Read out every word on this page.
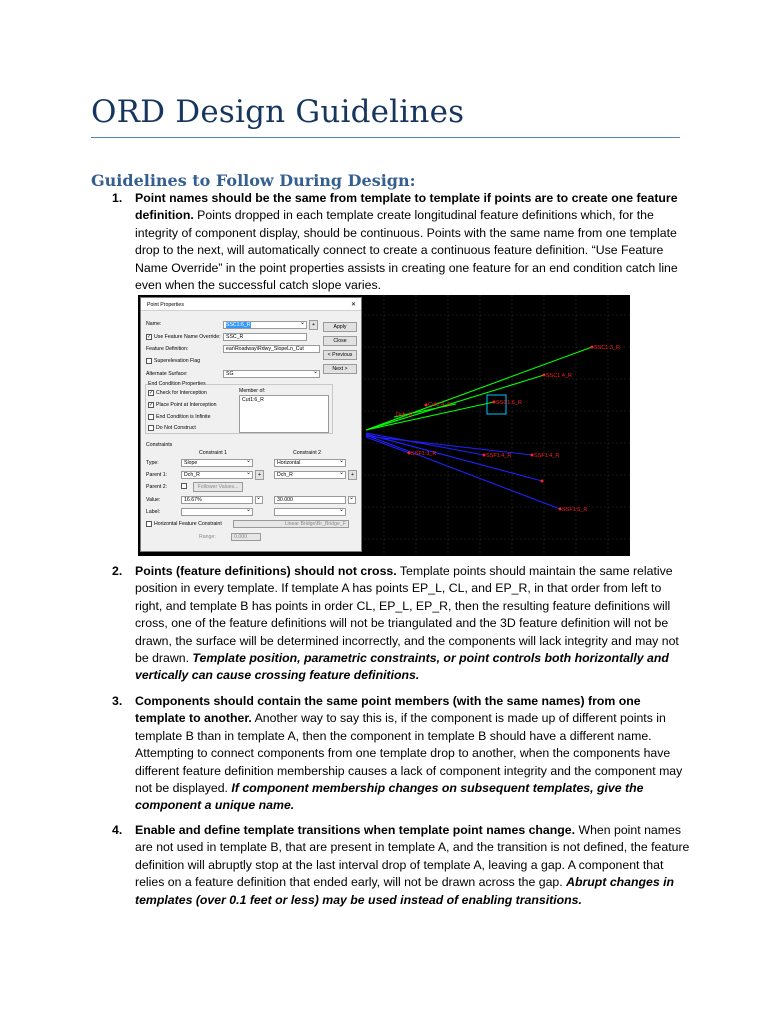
ORD Design Guidelines
Guidelines to Follow During Design:
1. Point names should be the same from template to template if points are to create one feature definition. Points dropped in each template create longitudinal feature definitions which, for the integrity of component display, should be continuous. Points with the same name from one template drop to the next, will automatically connect to create a continuous feature definition. “Use Feature Name Override” in the point properties assists in creating one feature for an end condition catch line even when the successful catch slope varies.
Point Properties	✕
Name:	SSC1:6_R ⌄	+
✓ Use Feature Name Override:	SSC_R
Feature Definition:	ear\Roadway\Rdwy_SlopeLn_Cut
Superelevation Flag
Alternate Surface:	SG ⌄
End Condition Properties
✓ Check for Interception
✓ Place Point at Interception
End Condition is Infinite
Do Not Construct
Member of:
Cut1:6_R
Apply
Close
< Previous
Next >
Constraints
Constraint 1	Constraint 2
Type:	Slope ⌄	Horizontal ⌄
Parent 1:	Dch_R ⌄	+	Dch_R ⌄	+
Parent 2:	Follower Values...
Value:	16.67%
⌄	30.000
⌄
Label:
⌄
⌄
Horizontal Feature Constraint	Linear Bridge\Br_Bridge_F
Range:	0.000
SSC1:3_R
SSC1:4_R
SSC1:6_R
Cut1:4_R
Dch_R
SSF1:3_R	SSF1:4_R	SSF1:4_R
SSF1:6_R
2. Points (feature definitions) should not cross. Template points should maintain the same relative position in every template. If template A has points EP_L, CL, and EP_R, in that order from left to right, and template B has points in order CL, EP_L, EP_R, then the resulting feature definitions will cross, one of the feature definitions will not be triangulated and the 3D feature definition will not be drawn, the surface will be determined incorrectly, and the components will lack integrity and may not be drawn. Template position, parametric constraints, or point controls both horizontally and vertically can cause crossing feature definitions.
3. Components should contain the same point members (with the same names) from one template to another. Another way to say this is, if the component is made up of different points in template B than in template A, then the component in template B should have a different name. Attempting to connect components from one template drop to another, when the components have different feature definition membership causes a lack of component integrity and the component may not be displayed. If component membership changes on subsequent templates, give the component a unique name.
4. Enable and define template transitions when template point names change. When point names are not used in template B, that are present in template A, and the transition is not defined, the feature definition will abruptly stop at the last interval drop of template A, leaving a gap. A component that relies on a feature definition that ended early, will not be drawn across the gap. Abrupt changes in templates (over 0.1 feet or less) may be used instead of enabling transitions.
